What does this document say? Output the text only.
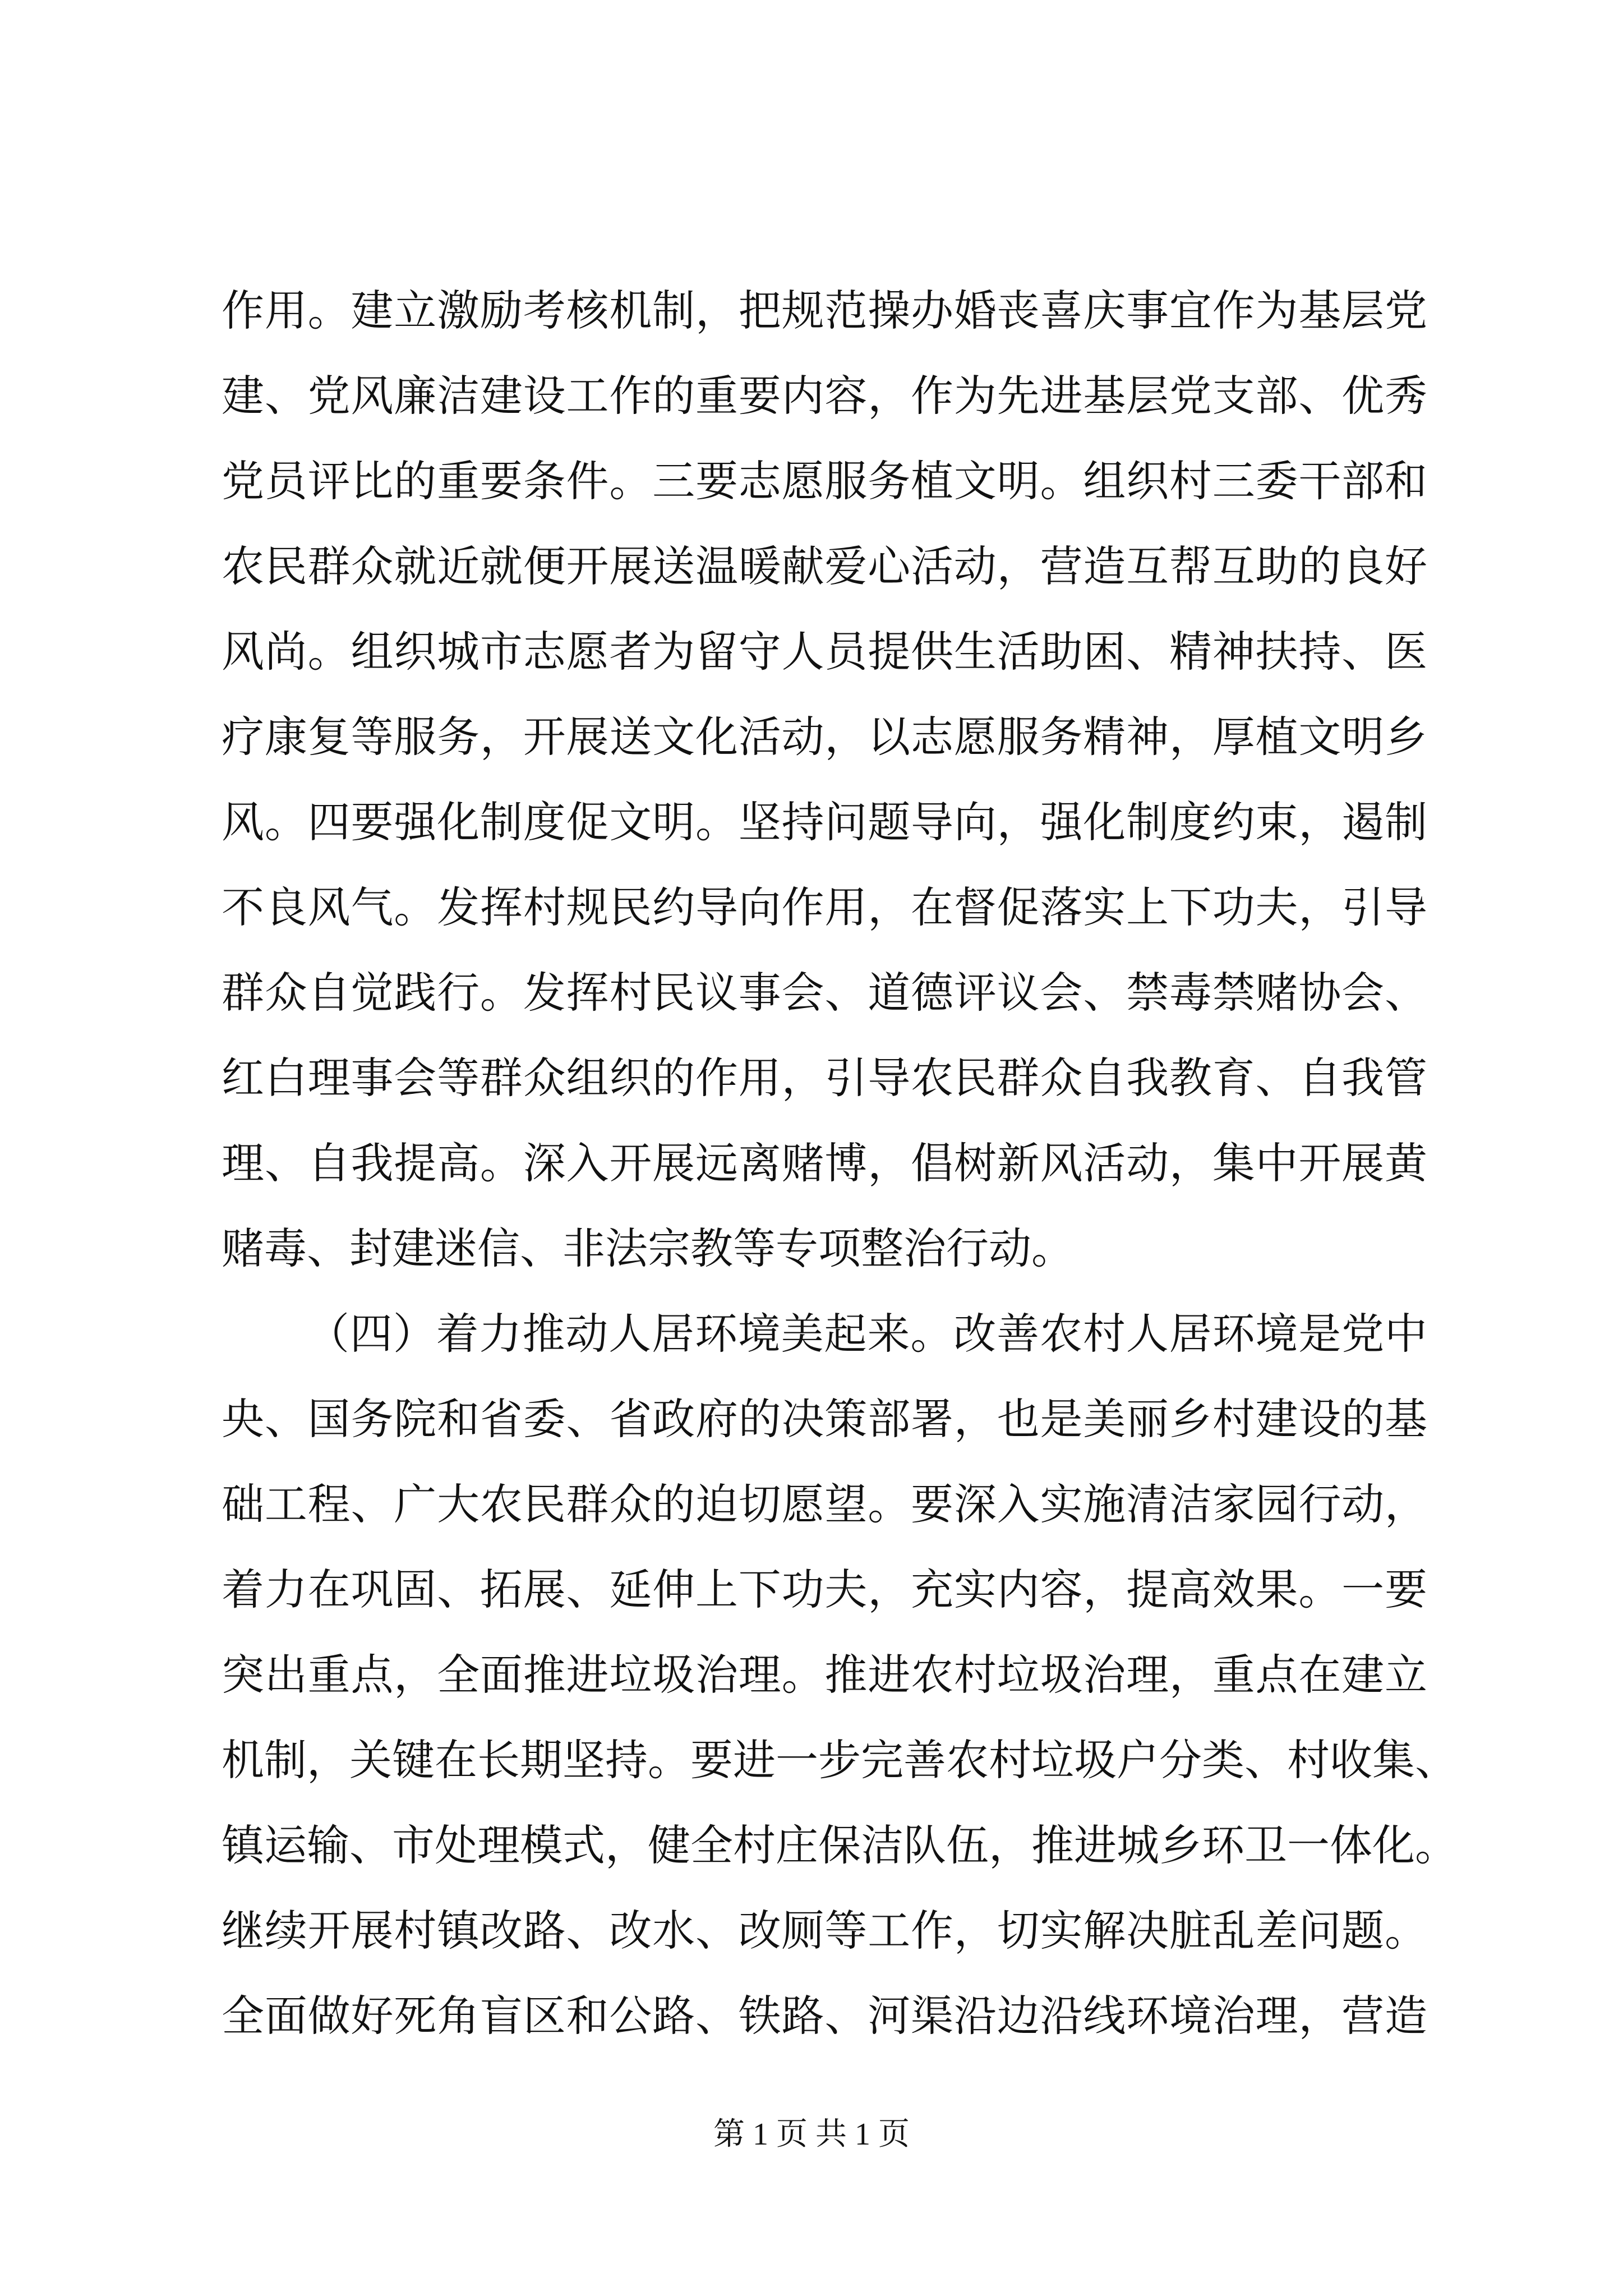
作用。建立激励考核机制，把规范操办婚丧喜庆事宜作为基层党
建、党风廉洁建设工作的重要内容，作为先进基层党支部、优秀
党员评比的重要条件。三要志愿服务植文明。组织村三委干部和
农民群众就近就便开展送温暖献爱心活动，营造互帮互助的良好
风尚。组织城市志愿者为留守人员提供生活助困、精神扶持、医
疗康复等服务，开展送文化活动，以志愿服务精神，厚植文明乡
风。四要强化制度促文明。坚持问题导向，强化制度约束，遏制
不良风气。发挥村规民约导向作用，在督促落实上下功夫，引导
群众自觉践行。发挥村民议事会、道德评议会、禁毒禁赌协会、
红白理事会等群众组织的作用，引导农民群众自我教育、自我管
理、自我提高。深入开展远离赌博，倡树新风活动，集中开展黄
赌毒、封建迷信、非法宗教等专项整治行动。
（四）着力推动人居环境美起来。改善农村人居环境是党中
央、国务院和省委、省政府的决策部署，也是美丽乡村建设的基
础工程、广大农民群众的迫切愿望。要深入实施清洁家园行动，
着力在巩固、拓展、延伸上下功夫，充实内容，提高效果。一要
突出重点，全面推进垃圾治理。推进农村垃圾治理，重点在建立
机制，关键在长期坚持。要进一步完善农村垃圾户分类、村收集、
镇运输、市处理模式，健全村庄保洁队伍，推进城乡环卫一体化。
继续开展村镇改路、改水、改厕等工作，切实解决脏乱差问题。
全面做好死角盲区和公路、铁路、河渠沿边沿线环境治理，营造
第 1 页 共 1 页
